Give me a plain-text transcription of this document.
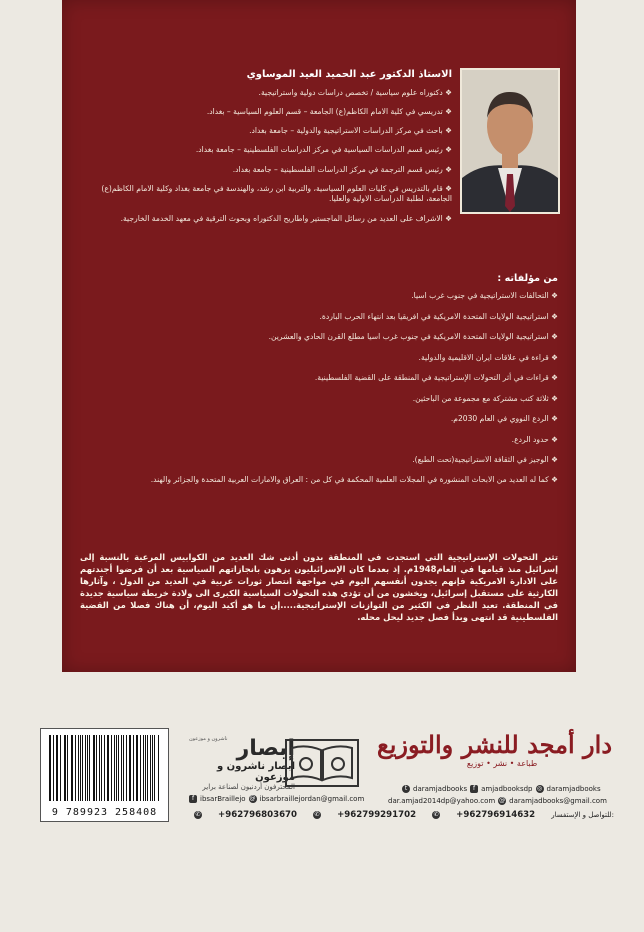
الاستاذ الدكتور عبد الحميد العيد الموساوي
❖ دكتوراه علوم سياسية / تخصص دراسات دولية واستراتيجية.
❖ تدريسي في كلية الامام الكاظم(ع) الجامعة – قسم العلوم السياسية – بغداد.
❖ باحث في مركز الدراسات الاستراتيجية والدولية – جامعة بغداد.
❖ رئيس قسم الدراسات السياسية في مركز الدراسات الفلسطينية – جامعة بغداد.
❖ رئيس قسم الترجمة في مركز الدراسات الفلسطينية – جامعة بغداد.
❖ قام بالتدريس في كليات العلوم السياسية، والتربية ابن رشد، والهندسة في جامعة بغداد وكلية الامام الكاظم(ع) الجامعة، لطلبة الدراسات الاولية والعليا.
❖ الاشراف على العديد من رسائل الماجستير واطاريح الدكتوراه وبحوث الترقية في معهد الخدمة الخارجية.
من مؤلفاته :
❖ التحالفات الاستراتيجية في جنوب غرب اسيا.
❖ استراتيجية الولايات المتحدة الامريكية في افريقيا بعد انتهاء الحرب الباردة.
❖ استراتيجية الولايات المتحدة الامريكية في جنوب غرب اسيا مطلع القرن الحادي والعشرين.
❖ قراءة في علاقات ايران الاقليمية والدولية.
❖ قراءات في أثر التحولات الإستراتيجية في المنطقة على القضية الفلسطينية.
❖ ثلاثة كتب مشتركة مع مجموعة من الباحثين.
❖ الردع النووي في العام 2030م.
❖ حدود الردع.
❖ الوجيز في الثقافة الاستراتيجية(تحت الطبع).
❖ كما له العديد من الابحاث المنشورة في المجلات العلمية المحكمة في كل من : العراق والامارات العربية المتحدة والجزائر والهند.

تثير التحولات الإستراتيجية التي استجدت في المنطقة بدون أدنى شك العديد من الكوابيس المرعبة بالنسبة إلى إسرائيل منذ قيامها في العام1948م. إذ بعدما كان الإسرائيليون يزهون بانجازاتهم السياسية بعد أن فرضوا أجندتهم على الادارة الامريكية فإنهم يجدون أنفسهم اليوم في مواجهة انتصار ثورات عربية في العديد من الدول ، وآثارها الكارثية على مستقبل إسرائيل، ويخشون من أن تؤدي هذه التحولات السياسية الكبرى الى ولادة خريطة سياسية جديدة في المنطقة. تعيد النظر في الكثير من التوازنات الإستراتيجية.....إن ما هو أكيد اليوم، أن هناك فصلا من القضية الفلسطينية قد انتهى وبدأ فصل جديد ليحل محله.

9 789923 258408
ناشرون و موزعون إبصار
ابصار ناشرون و موزعون
المحترفون أردنيون لصناعة براير
دار أمجد للنشر والتوزيع
طباعة • نشر • توزيع
f ibsarBraillejo @ ibsarbraillejordan@gmail.com
t daramjadbooks f amjadbooksdp ◎ daramjadbooks
dar.amjad2014dp@yahoo.com @ daramjadbooks@gmail.com
✆ +962796803670	✆ +962799291702	✆ +962796914632 للتواصل و الإستفسار:
